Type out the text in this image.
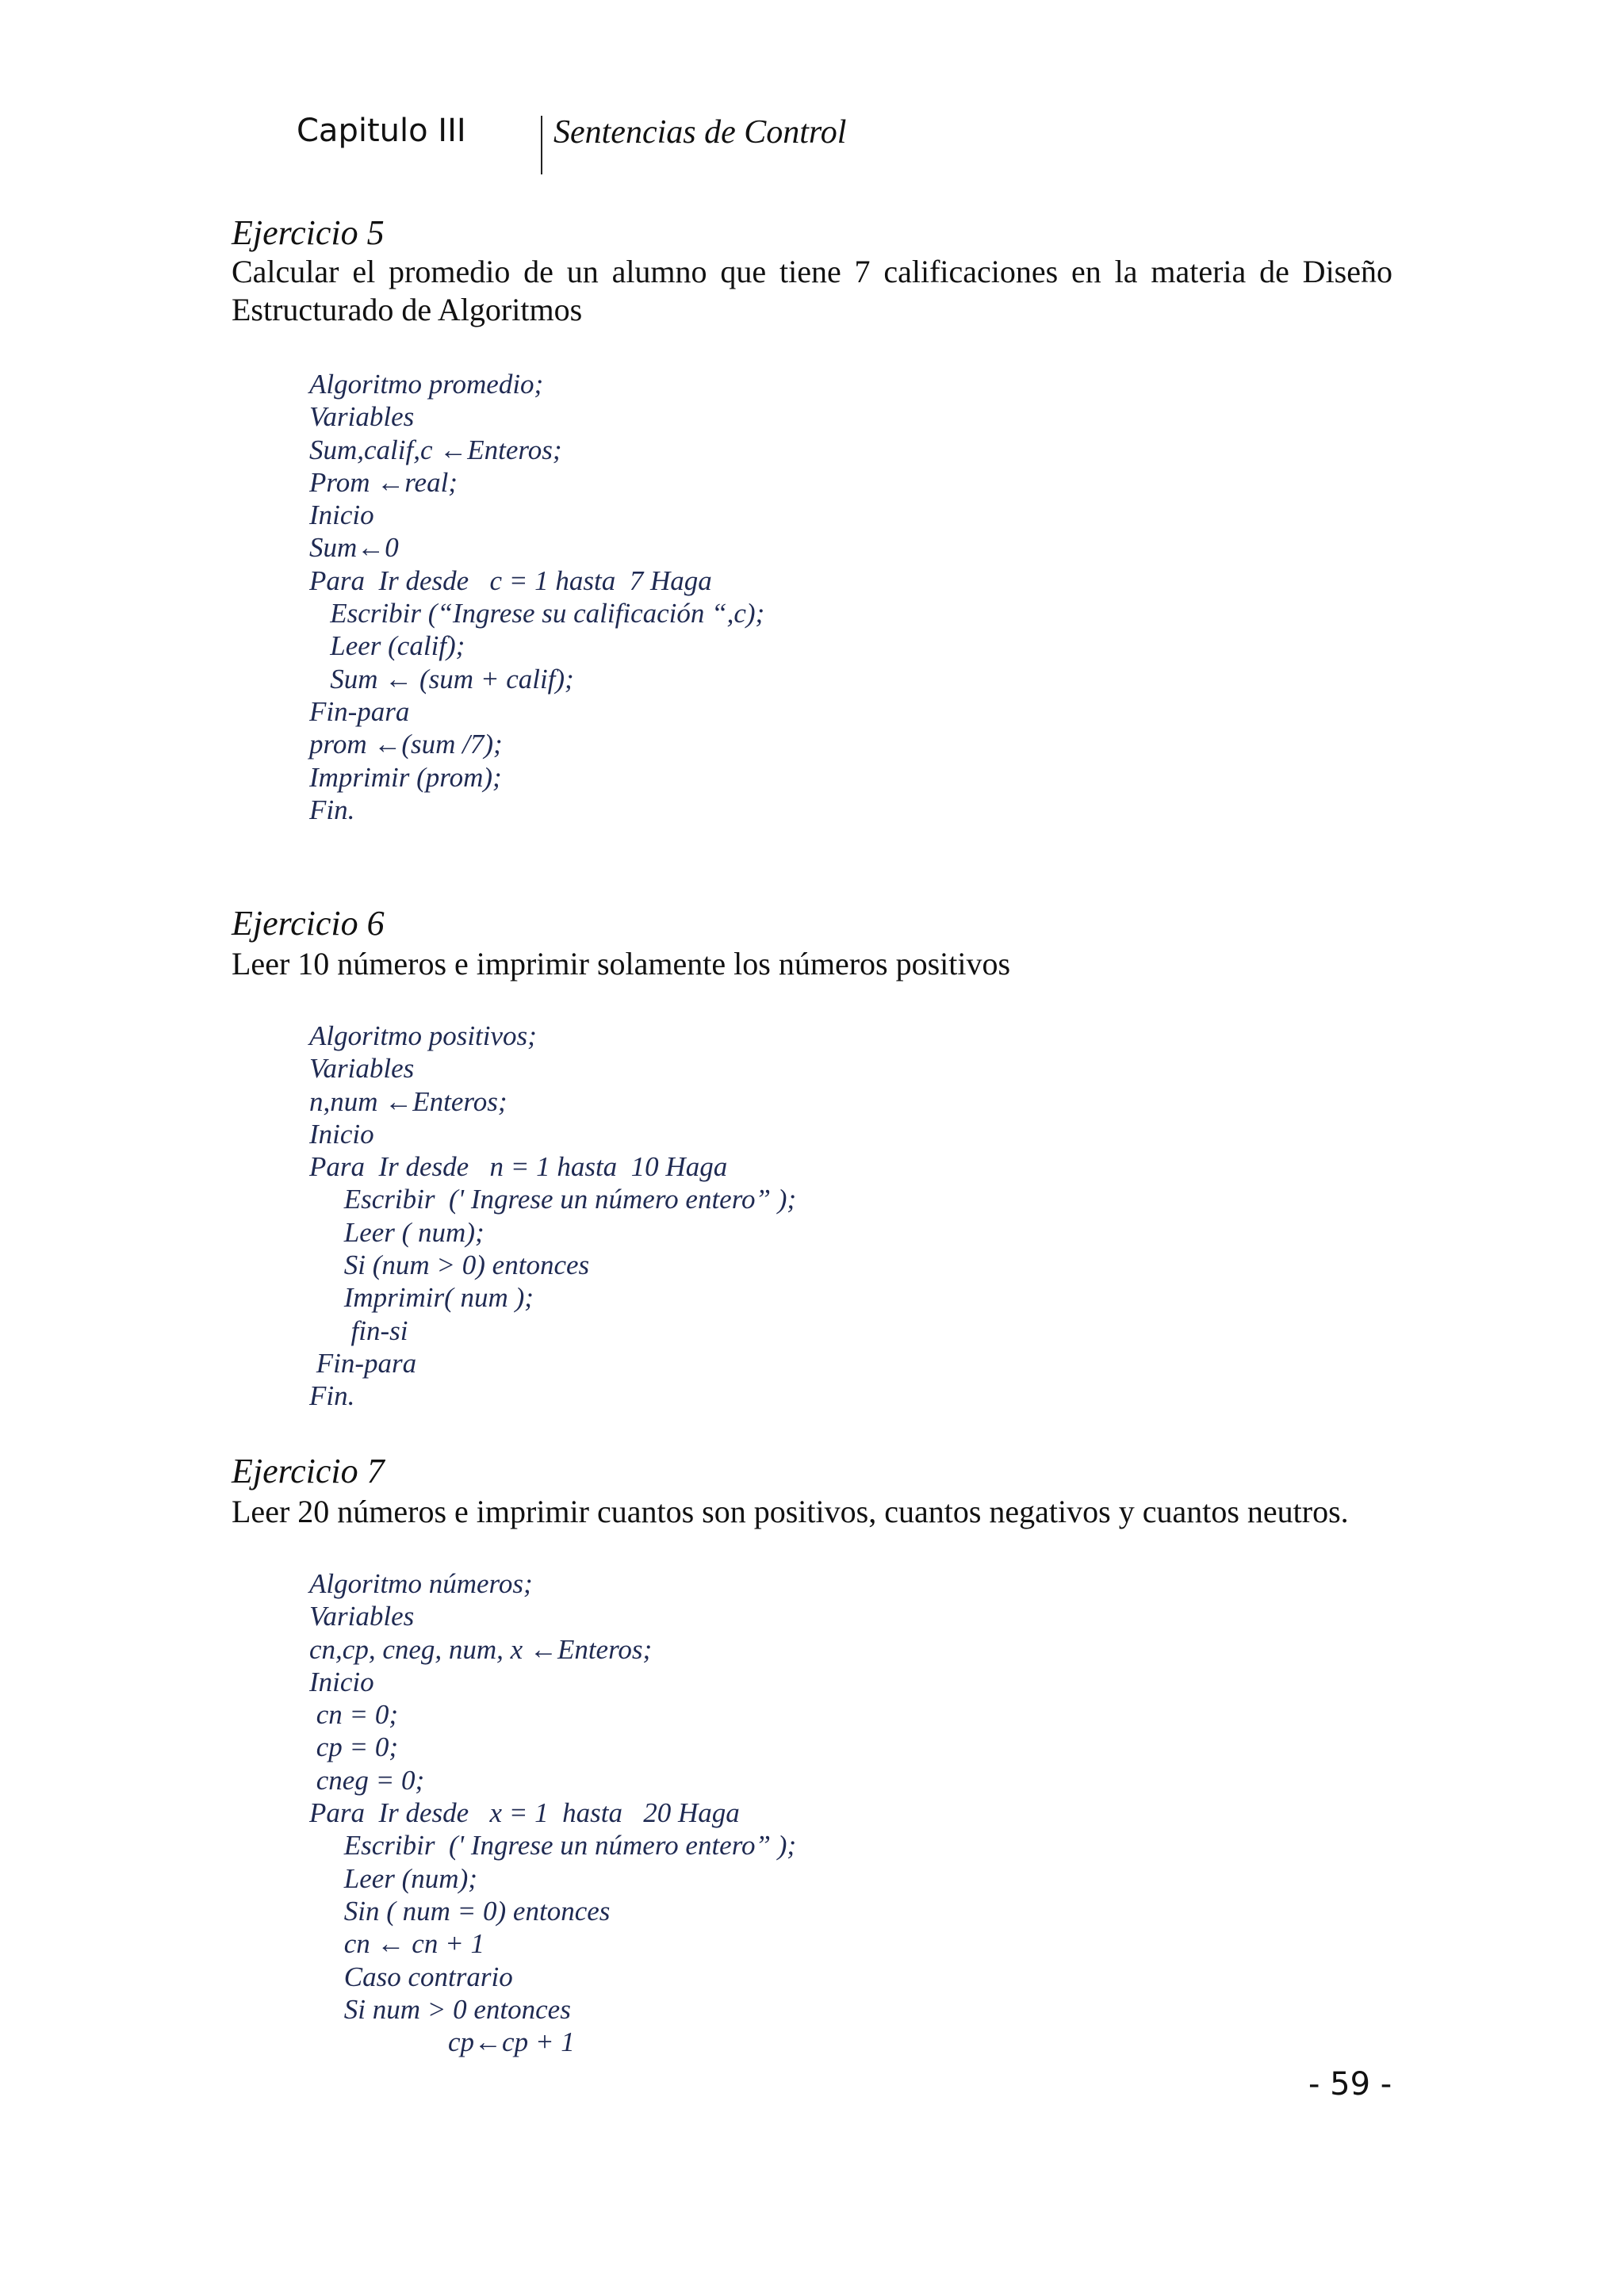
Capitulo III	Sentencias de Control
Ejercicio 5
Calcular el promedio de un alumno que tiene 7 calificaciones en la materia de Diseño Estructurado de Algoritmos
Algoritmo promedio;
Variables
Sum,calif,c ←Enteros;
Prom ←real;
Inicio
Sum←0
Para  Ir desde   c = 1 hasta  7 Haga
Escribir (“Ingrese su calificación “,c);
Leer (calif);
Sum ← (sum + calif);
Fin-para
prom ←(sum /7);
Imprimir (prom);
Fin.
Ejercicio 6
Leer 10 números e imprimir solamente los números positivos
Algoritmo positivos;
Variables
n,num ←Enteros;
Inicio
Para  Ir desde   n = 1 hasta  10 Haga
Escribir  (' Ingrese un número entero” );
Leer ( num);
Si (num > 0) entonces
Imprimir( num );
fin-si
Fin-para
Fin.
Ejercicio 7
Leer 20 números e imprimir cuantos son positivos, cuantos negativos y cuantos neutros.
Algoritmo números;
Variables
cn,cp, cneg, num, x ←Enteros;
Inicio
cn = 0;
cp = 0;
cneg = 0;
Para  Ir desde   x = 1  hasta   20 Haga
Escribir  (' Ingrese un número entero” );
Leer (num);
Sin ( num = 0) entonces
cn ← cn + 1
Caso contrario
Si num > 0 entonces
cp←cp + 1
- 59 -
